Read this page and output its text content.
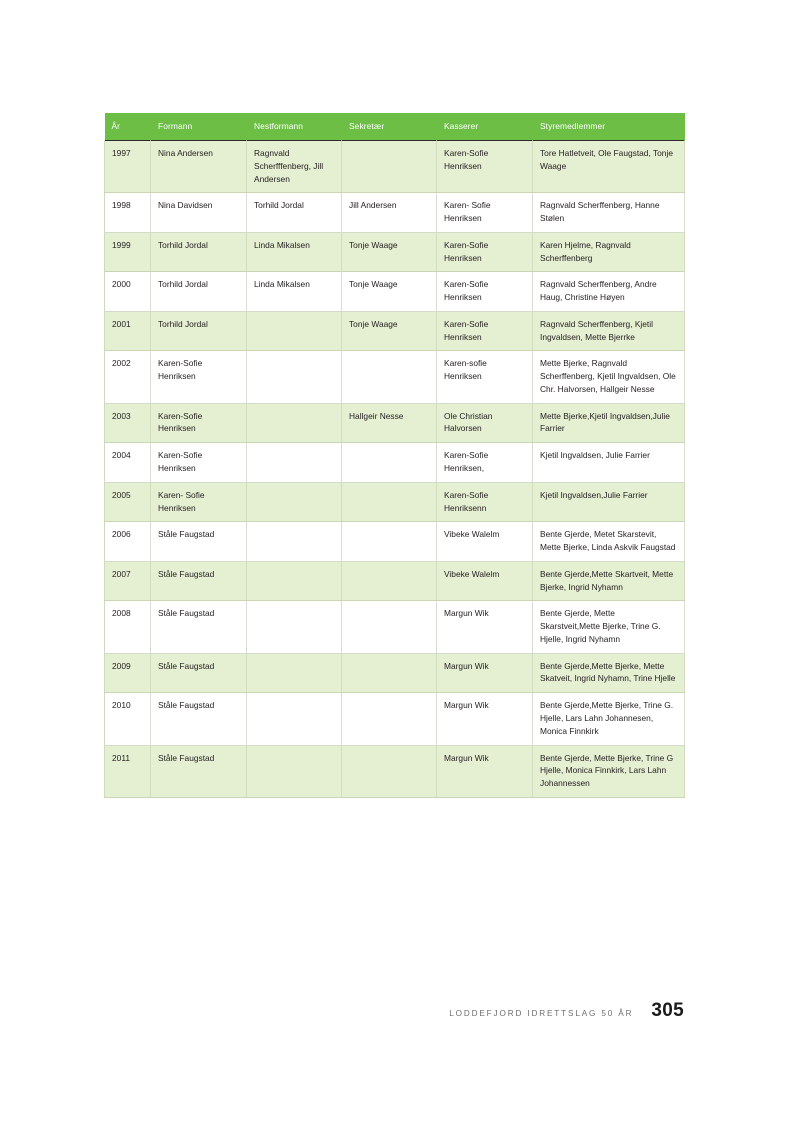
År	Formann	Nestformann	Sekretær	Kasserer	Styremedlemmer
1997	Nina Andersen	Ragnvald Scherfffenberg, Jill Andersen		Karen-Sofie Henriksen	Tore Hatletveit, Ole Faugstad, Tonje Waage
1998	Nina Davidsen	Torhild Jordal	Jill Andersen	Karen- Sofie Henriksen	Ragnvald Scherffenberg, Hanne Stølen
1999	Torhild Jordal	Linda Mikalsen	Tonje Waage	Karen-Sofie Henriksen	Karen Hjelme, Ragnvald Scherffenberg
2000	Torhild Jordal	Linda Mikalsen	Tonje Waage	Karen-Sofie Henriksen	Ragnvald Scherffenberg, Andre Haug, Christine Høyen
2001	Torhild Jordal		Tonje Waage	Karen-Sofie Henriksen	Ragnvald Scherffenberg, Kjetil Ingvaldsen, Mette Bjerrke
2002	Karen-Sofie Henriksen			Karen-sofie Henriksen	Mette Bjerke, Ragnvald Scherffenberg, Kjetil Ingvaldsen, Ole Chr. Halvorsen, Hallgeir Nesse
2003	Karen-Sofie Henriksen		Hallgeir Nesse	Ole Christian Halvorsen	Mette Bjerke,Kjetil Ingvaldsen,Julie Farrier
2004	Karen-Sofie Henriksen			Karen-Sofie Henriksen,	Kjetil Ingvaldsen, Julie Farrier
2005	Karen- Sofie Henriksen			Karen-Sofie Henriksenn	Kjetil Ingvaldsen,Julie Farrier
2006	Ståle Faugstad			Vibeke Walelm	Bente Gjerde, Metet Skarstevit, Mette Bjerke, Linda Askvik Faugstad
2007	Ståle Faugstad			Vibeke Walelm	Bente Gjerde,Mette Skartveit, Mette Bjerke, Ingrid Nyhamn
2008	Ståle Faugstad			Margun Wik	Bente Gjerde, Mette Skarstveit,Mette Bjerke, Trine G. Hjelle, Ingrid Nyhamn
2009	Ståle Faugstad			Margun Wik	Bente Gjerde,Mette Bjerke, Mette Skatveit, Ingrid Nyhamn, Trine Hjelle
2010	Ståle Faugstad			Margun Wik	Bente Gjerde,Mette Bjerke, Trine G. Hjelle, Lars Lahn Johannesen, Monica Finnkirk
2011	Ståle Faugstad			Margun Wik	Bente Gjerde, Mette Bjerke, Trine G Hjelle, Monica Finnkirk, Lars Lahn Johannessen
LODDEFJORD IDRETTSLAG 50 ÅR 305
